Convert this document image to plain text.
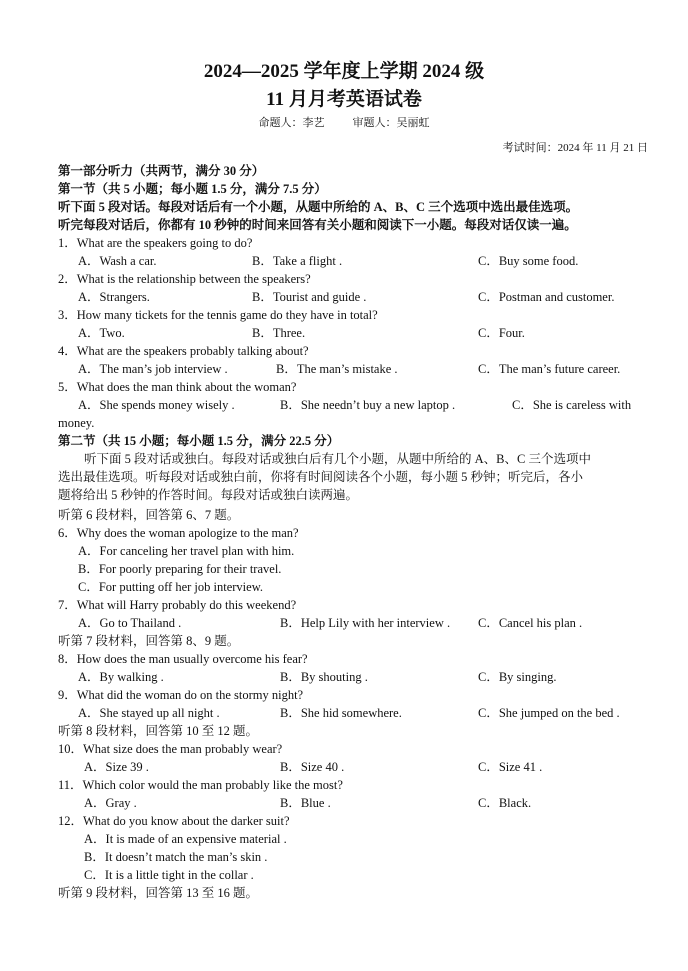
2024—2025 学年度上学期 2024 级
11 月月考英语试卷
命题人：李艺	审题人：吴丽虹
考试时间：2024 年 11 月 21 日
第一部分听力（共两节，满分 30 分）
第一节（共 5 小题；每小题 1.5 分，满分 7.5 分）
听下面 5 段对话。每段对话后有一个小题，从题中所给的 A、B、C 三个选项中选出最佳选项。
听完每段对话后，你都有 10 秒钟的时间来回答有关小题和阅读下一小题。每段对话仅读一遍。
1．What are the speakers going to do?
A．Wash a car.	B．Take a flight .	C．Buy some food.
2．What is the relationship between the speakers?
A．Strangers.	B．Tourist and guide .	C．Postman and customer.
3．How many tickets for the tennis game do they have in total?
A．Two.	B．Three.	C．Four.
4．What are the speakers probably talking about?
A．The man’s job interview .	B．The man’s mistake .	C．The man’s future career.
5．What does the man think about the woman?
A．She spends money wisely .	B．She needn’t buy a new laptop .	C．She is careless with
money.
第二节（共 15 小题；每小题 1.5 分，满分 22.5 分）
听下面 5 段对话或独白。每段对话或独白后有几个小题，从题中所给的 A、B、C 三个选项中
选出最佳选项。听每段对话或独白前，你将有时间阅读各个小题，每小题 5 秒钟；听完后，各小
题将给出 5 秒钟的作答时间。每段对话或独白读两遍。
听第 6 段材料，回答第 6、7 题。
6．Why does the woman apologize to the man?
A．For canceling her travel plan with him.
B．For poorly preparing for their travel.
C．For putting off her job interview.
7．What will Harry probably do this weekend?
A．Go to Thailand .	B．Help Lily with her interview . C．Cancel his plan .
听第 7 段材料，回答第 8、9 题。
8．How does the man usually overcome his fear?
A．By walking .	B．By shouting .	C．By singing.
9．What did the woman do on the stormy night?
A．She stayed up all night .	B．She hid somewhere.	C．She jumped on the bed .
听第 8 段材料，回答第 10 至 12 题。
10．What size does the man probably wear?
A．Size 39 .	B．Size 40 .	C．Size 41 .
11．Which color would the man probably like the most?
A．Gray .	B．Blue .	C．Black.
12．What do you know about the darker suit?
A．It is made of an expensive material .
B．It doesn’t match the man’s skin .
C．It is a little tight in the collar .
听第 9 段材料，回答第 13 至 16 题。
